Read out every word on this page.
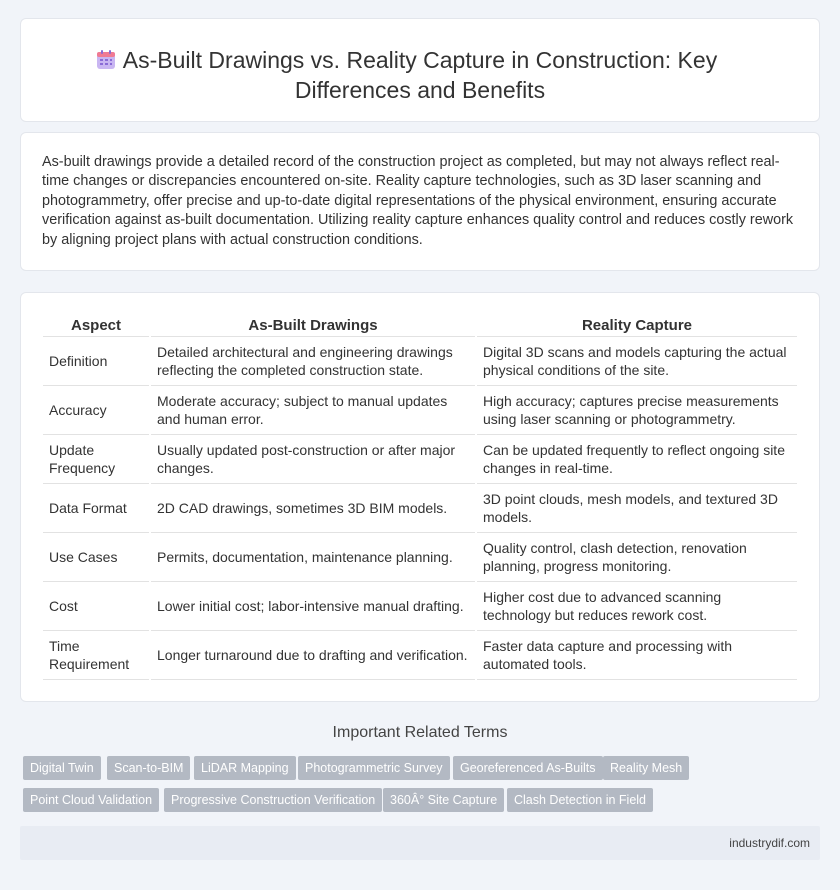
As-Built Drawings vs. Reality Capture in Construction: Key
Differences and Benefits

As-built drawings provide a detailed record of the construction project as completed, but may not always reflect real-time changes or discrepancies encountered on-site. Reality capture technologies, such as 3D laser scanning and photogrammetry, offer precise and up-to-date digital representations of the physical environment, ensuring accurate verification against as-built documentation. Utilizing reality capture enhances quality control and reduces costly rework by aligning project plans with actual construction conditions.

Aspect	As-Built Drawings	Reality Capture
Definition	Detailed architectural and engineering drawings reflecting the completed construction state.	Digital 3D scans and models capturing the actual physical conditions of the site.
Accuracy	Moderate accuracy; subject to manual updates and human error.	High accuracy; captures precise measurements using laser scanning or photogrammetry.
Update Frequency	Usually updated post-construction or after major changes.	Can be updated frequently to reflect ongoing site changes in real-time.
Data Format	2D CAD drawings, sometimes 3D BIM models.	3D point clouds, mesh models, and textured 3D models.
Use Cases	Permits, documentation, maintenance planning.	Quality control, clash detection, renovation planning, progress monitoring.
Cost	Lower initial cost; labor-intensive manual drafting.	Higher cost due to advanced scanning technology but reduces rework cost.
Time Requirement	Longer turnaround due to drafting and verification.	Faster data capture and processing with automated tools.
Important Related Terms
Digital Twin	Scan-to-BIM	LiDAR Mapping	Photogrammetric Survey	Georeferenced As-Builts	Reality Mesh
Point Cloud Validation	Progressive Construction Verification	360Â° Site Capture	Clash Detection in Field
industrydif.com
